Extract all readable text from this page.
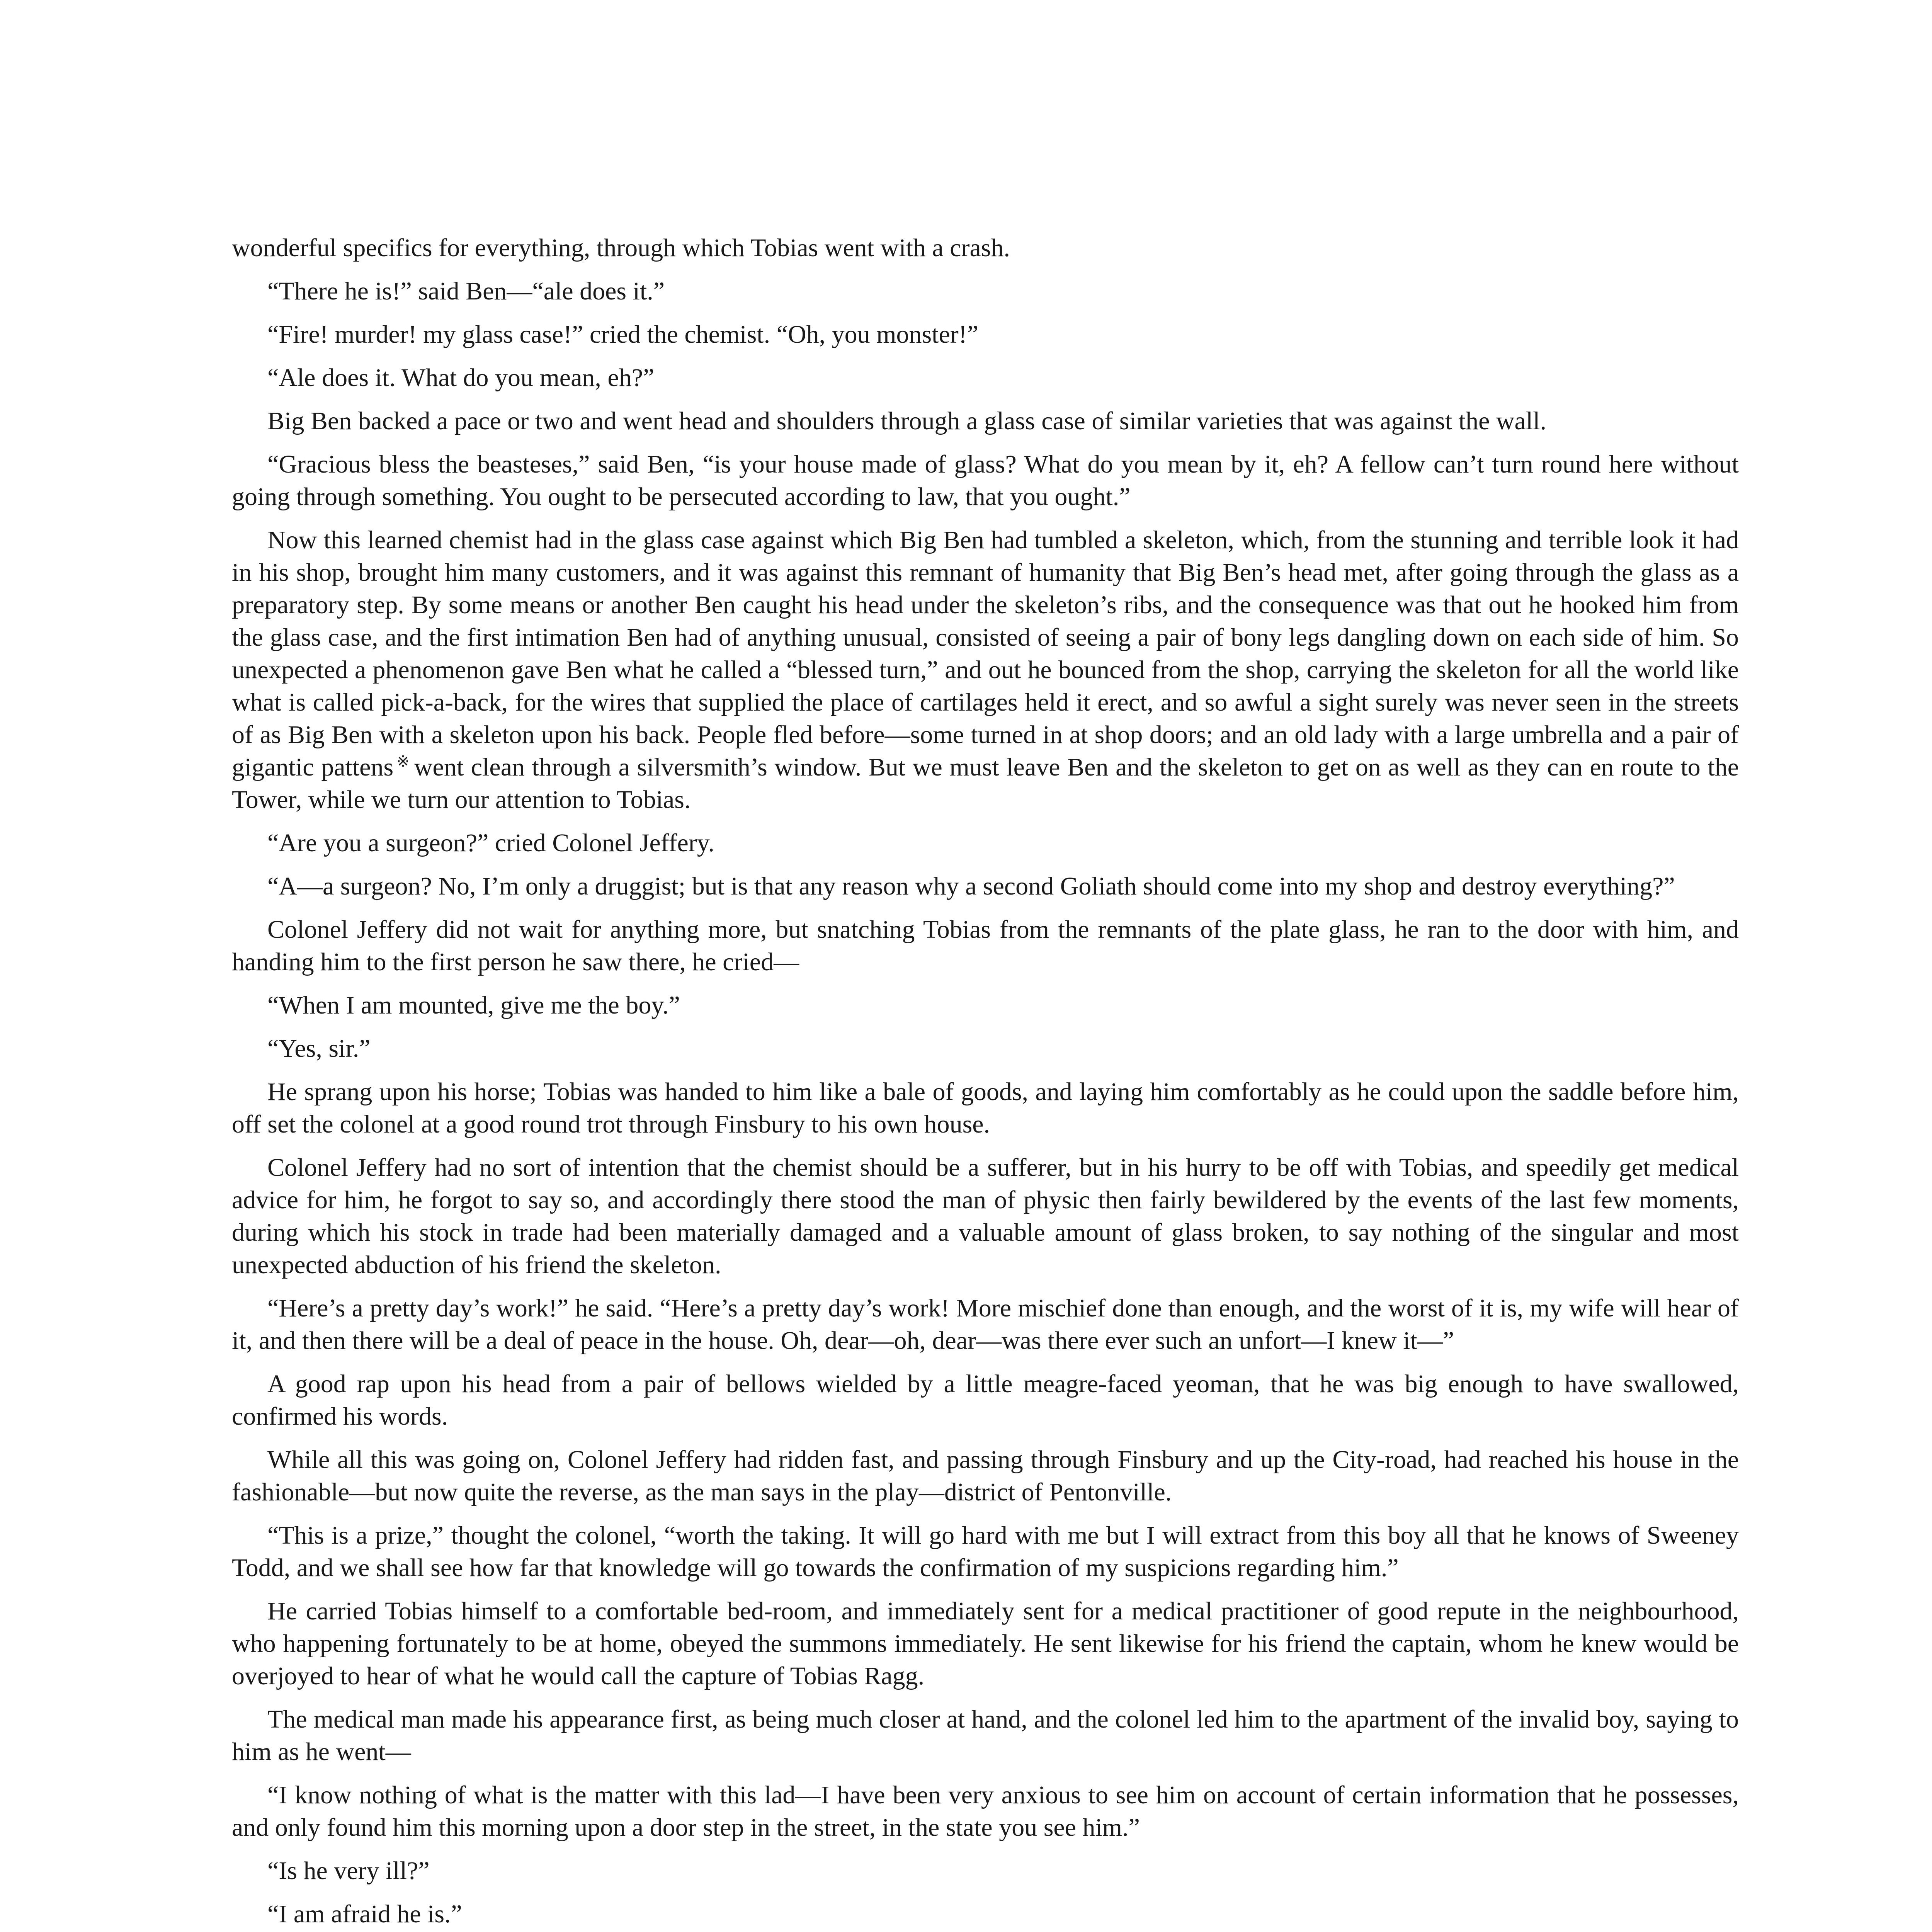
wonderful specifics for everything, through which Tobias went with a crash.

“There he is!” said Ben—“ale does it.”

“Fire! murder! my glass case!” cried the chemist. “Oh, you monster!”

“Ale does it. What do you mean, eh?”

Big Ben backed a pace or two and went head and shoulders through a glass case of similar varieties that was against the wall.

“Gracious bless the beasteses,” said Ben, “is your house made of glass? What do you mean by it, eh? A fellow can’t turn round here without going through something. You ought to be persecuted according to law, that you ought.”

Now this learned chemist had in the glass case against which Big Ben had tumbled a skeleton, which, from the stunning and terrible look it had in his shop, brought him many customers, and it was against this remnant of humanity that Big Ben’s head met, after going through the glass as a preparatory step. By some means or another Ben caught his head under the skeleton’s ribs, and the consequence was that out he hooked him from the glass case, and the first intimation Ben had of anything unusual, consisted of seeing a pair of bony legs dangling down on each side of him. So unexpected a phenomenon gave Ben what he called a “blessed turn,” and out he bounced from the shop, carrying the skeleton for all the world like what is called pick-a-back, for the wires that supplied the place of cartilages held it erect, and so awful a sight surely was never seen in the streets of as Big Ben with a skeleton upon his back. People fled before—some turned in at shop doors; and an old lady with a large umbrella and a pair of gigantic pattens ※ went clean through a silversmith’s window. But we must leave Ben and the skeleton to get on as well as they can en route to the Tower, while we turn our attention to Tobias.

“Are you a surgeon?” cried Colonel Jeffery.

“A—a surgeon? No, I’m only a druggist; but is that any reason why a second Goliath should come into my shop and destroy everything?”

Colonel Jeffery did not wait for anything more, but snatching Tobias from the remnants of the plate glass, he ran to the door with him, and handing him to the first person he saw there, he cried—

“When I am mounted, give me the boy.”

“Yes, sir.”

He sprang upon his horse; Tobias was handed to him like a bale of goods, and laying him comfortably as he could upon the saddle before him, off set the colonel at a good round trot through Finsbury to his own house.

Colonel Jeffery had no sort of intention that the chemist should be a sufferer, but in his hurry to be off with Tobias, and speedily get medical advice for him, he forgot to say so, and accordingly there stood the man of physic then fairly bewildered by the events of the last few moments, during which his stock in trade had been materially damaged and a valuable amount of glass broken, to say nothing of the singular and most unexpected abduction of his friend the skeleton.

“Here’s a pretty day’s work!” he said. “Here’s a pretty day’s work! More mischief done than enough, and the worst of it is, my wife will hear of it, and then there will be a deal of peace in the house. Oh, dear—oh, dear—was there ever such an unfort—I knew it—”

A good rap upon his head from a pair of bellows wielded by a little meagre-faced yeoman, that he was big enough to have swallowed, confirmed his words.

While all this was going on, Colonel Jeffery had ridden fast, and passing through Finsbury and up the City-road, had reached his house in the fashionable—but now quite the reverse, as the man says in the play—district of Pentonville.

“This is a prize,” thought the colonel, “worth the taking. It will go hard with me but I will extract from this boy all that he knows of Sweeney Todd, and we shall see how far that knowledge will go towards the confirmation of my suspicions regarding him.”

He carried Tobias himself to a comfortable bed-room, and immediately sent for a medical practitioner of good repute in the neighbourhood, who happening fortunately to be at home, obeyed the summons immediately. He sent likewise for his friend the captain, whom he knew would be overjoyed to hear of what he would call the capture of Tobias Ragg.

The medical man made his appearance first, as being much closer at hand, and the colonel led him to the apartment of the invalid boy, saying to him as he went—

“I know nothing of what is the matter with this lad—I have been very anxious to see him on account of certain information that he possesses, and only found him this morning upon a door step in the street, in the state you see him.”

“Is he very ill?”

“I am afraid he is.”
